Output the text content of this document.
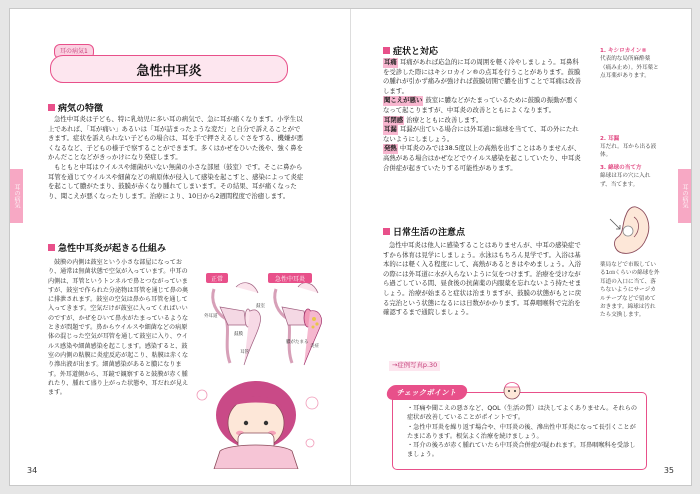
耳の病気
耳の病気1
急性中耳炎
病気の特徴

急性中耳炎は子ども、特に乳幼児に多い耳の病気で、急に耳が痛くなります。小学生以上であれば、「耳が痛い」あるいは「耳が詰まったような変だ」と自分で訴えることができます。症状を訴えられない子どもの場合は、耳を手で押さえるしぐさをする、機嫌が悪くなるなど、子どもの様子で察することができます。多くはかぜをひいた後や、強く鼻をかんだことなどがきっかけになり発症します。

もともと中耳はウイルスや細菌がいない無菌の小さな部屋（鼓室）です。そこに鼻から耳管を通じてウイルスや細菌などの病原体が侵入して感染を起こすと、感染によって炎症を起こして膿がたまり、鼓膜が赤くなり腫れてしまいます。その結果、耳が痛くなったり、聞こえが悪くなったりします。治療により、10日から2週間程度で治癒します。

急性中耳炎が起きる仕組み

鼓膜の内側は鼓室という小さな部屋になっており、通常は無菌状態で空気が入っています。中耳の内側は、耳管というトンネルで鼻とつながっていますが、鼓室で作られた分泌物は耳管を通じて鼻の奥に排泄されます。鼓室の空気は鼻から耳管を通して入ってきます。空気だけが鼓室に入ってくればいいのですが、かぜをひいて鼻水がたまっているようなときが問題です。鼻からウイルスや細菌などの病原体の混じった空気が耳管を通して鼓室に入り、ウイルス感染や細菌感染を起こします。感染すると、鼓室の内側の粘膜に炎症反応が起こり、粘膜は赤くなり滲出液が出ます。細菌感染があると膿になります。外耳道側から、耳鏡で観察すると鼓膜が赤く腫れたり、腫れて盛り上がった状態や、耳だれが見えます。

正常	急性中耳炎
外耳道
鼓膜
鼓室
耳管
膿がたまる
炎症
34
耳の病気
症状と対応

耳痛 耳痛があれば応急的に耳の周囲を軽く冷やしましょう。耳鼻科を受診した際にはキシロカイン®の点耳を行うことがあります。鼓膜の腫れが引かず痛みが強ければ鼓膜切開で膿を出すことで耳痛は改善します。

聞こえが悪い 鼓室に膿などがたまっているために鼓膜の振動が悪くなって起こりますが、中耳炎の改善とともによくなります。

耳閉感 治療とともに改善します。

耳漏 耳漏が出ている場合には外耳道に綿球を当てて、耳の外にたれないようにしましょう。

発熱 中耳炎のみでは38.5度以上の高熱を出すことはありませんが、高熱がある場合はかぜなどでウイルス感染を起こしていたり、中耳炎合併症が起きていたりする可能性があります。

日常生活の注意点

急性中耳炎は他人に感染することはありませんが、中耳の感染症ですから体育は見学にしましょう。水泳はもちろん見学です。入浴は基本的には軽く入る程度にして、高熱があるときはやめましょう。入浴の際には外耳道に水が入らないように気をつけます。治療を受けながら過ごしている間、昼食後の抗菌薬の内服薬を忘れないよう持たせましょう。治療が始まると症状は治まりますが、鼓膜の状態がもとに戻る完治という状態になるには日数がかかります。耳鼻咽喉科で完治を確認するまで通院しましょう。

→症例写真p.30

1. キシロカイン®

代表的な局所麻酔薬（痛み止め）。外耳薬と点耳薬があります。

2. 耳漏

耳だれ。耳から出る液体。

3. 綿球の当て方

綿球は耳の穴に入れず、当てます。

薬局などで市販している1㎝くらいの綿球を外耳道の入口に当て、落ちないようにサージカルテープなどで留めておきます。綿球は汚れたら交換します。

チェックポイント
・耳痛や聞こえの悪さなど、QOL（生活の質）は決してよくありません。それらの症状が改善していることがポイントです。
・急性中耳炎を繰り返す場合や、中耳炎の後、滲出性中耳炎になって長引くことがたまにあります。根気よく治療を続けましょう。
・耳介の後ろが赤く腫れていたら中耳炎合併症が疑われます。耳鼻咽喉科を受診しましょう。
35
